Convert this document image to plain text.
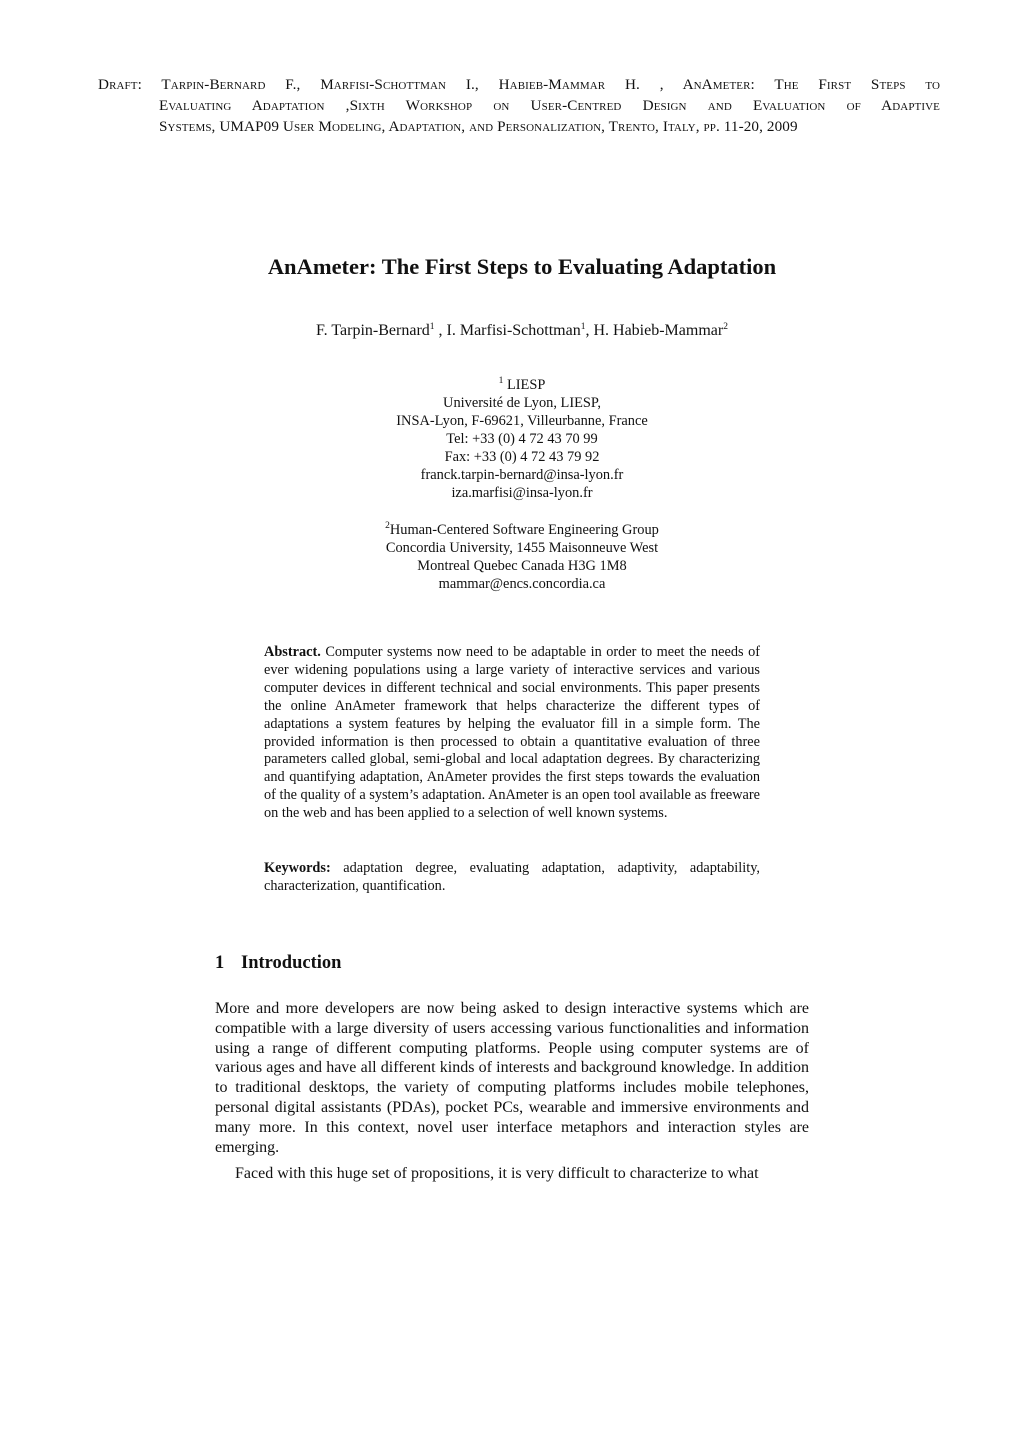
Draft: Tarpin-Bernard F., Marfisi-Schottman I., Habieb-Mammar H. , AnAmeter: The First Steps to
Evaluating Adaptation ,Sixth Workshop on User-Centred Design and Evaluation of Adaptive
Systems, UMAP09 User Modeling, Adaptation, and Personalization, Trento, Italy, pp. 11-20, 2009
AnAmeter: The First Steps to Evaluating Adaptation
F. Tarpin-Bernard$^1$ , I. Marfisi-Schottman$^1$, H. Habieb-Mammar$^2$
$^1$ LIESP
Université de Lyon, LIESP,
INSA-Lyon, F-69621, Villeurbanne, France
Tel: +33 (0) 4 72 43 70 99
Fax: +33 (0) 4 72 43 79 92
franck.tarpin-bernard@insa-lyon.fr
iza.marfisi@insa-lyon.fr
$^2$Human-Centered Software Engineering Group
Concordia University, 1455 Maisonneuve West
Montreal Quebec Canada H3G 1M8
mammar@encs.concordia.ca
Abstract. Computer systems now need to be adaptable in order to meet the needs of ever widening populations using a large variety of interactive services and various computer devices in different technical and social environments. This paper presents the online AnAmeter framework that helps characterize the different types of adaptations a system features by helping the evaluator fill in a simple form. The provided information is then processed to obtain a quantitative evaluation of three parameters called global, semi-global and local adaptation degrees. By characterizing and quantifying adaptation, AnAmeter provides the first steps towards the evaluation of the quality of a system’s adaptation. AnAmeter is an open tool available as freeware on the web and has been applied to a selection of well known systems.
Keywords: adaptation degree, evaluating adaptation, adaptivity, adaptability, characterization, quantification.
1 Introduction

More and more developers are now being asked to design interactive systems which are compatible with a large diversity of users accessing various functionalities and information using a range of different computing platforms. People using computer systems are of various ages and have all different kinds of interests and background knowledge. In addition to traditional desktops, the variety of computing platforms includes mobile telephones, personal digital assistants (PDAs), pocket PCs, wearable and immersive environments and many more. In this context, novel user interface metaphors and interaction styles are emerging.

Faced with this huge set of propositions, it is very difficult to characterize to what
